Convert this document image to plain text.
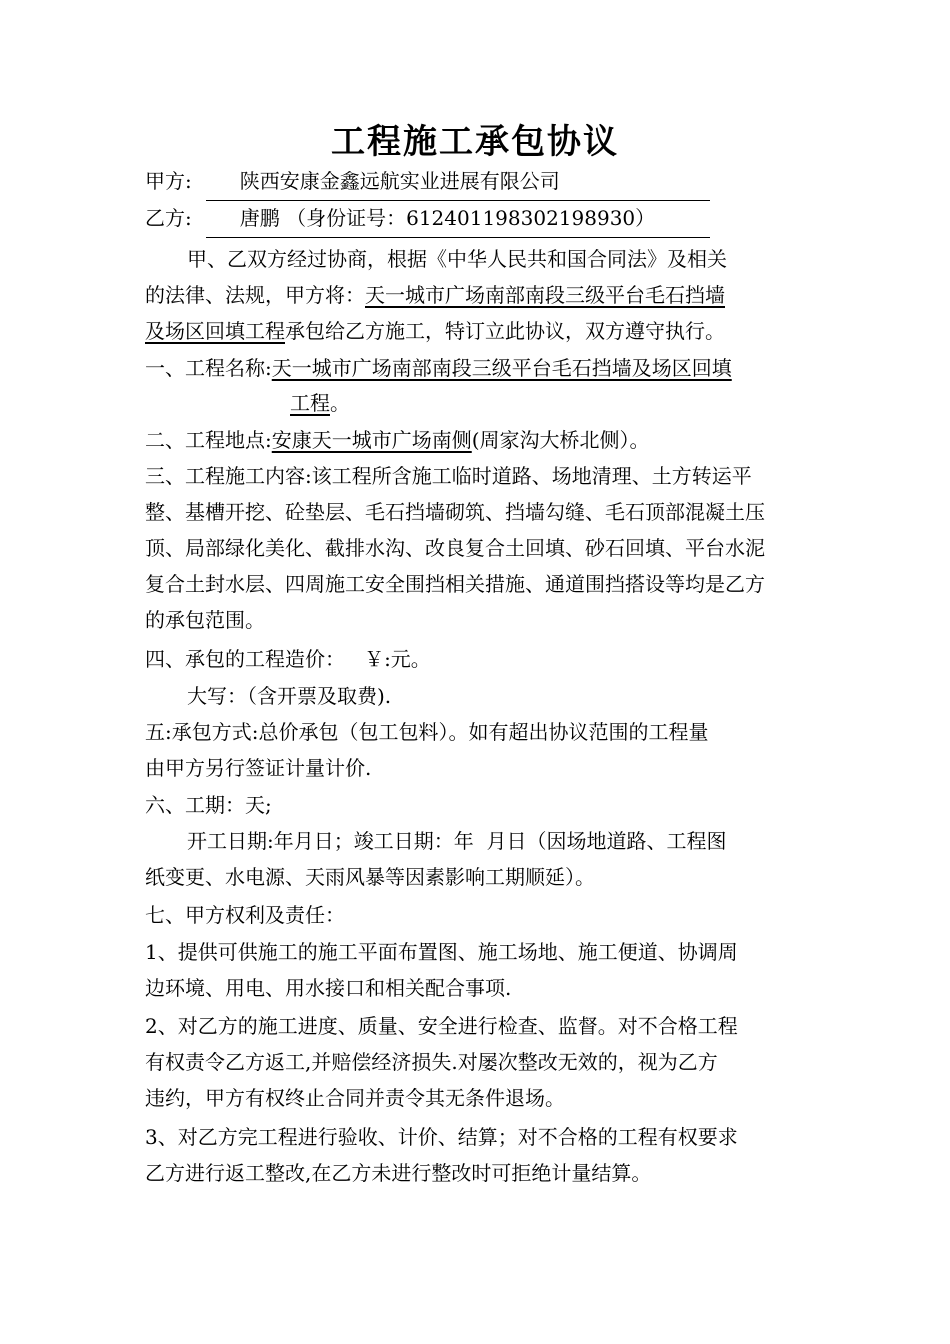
工程施工承包协议
甲方: 陕西安康金鑫远航实业进展有限公司
乙方: 唐鹏 （身份证号：612401198302198930）
甲、乙双方经过协商，根据《中华人民共和国合同法》及相关
的法律、法规，甲方将：天一城市广场南部南段三级平台毛石挡墙
及场区回填工程承包给乙方施工，特订立此协议，双方遵守执行。
一、工程名称:天一城市广场南部南段三级平台毛石挡墙及场区回填
工程。
二、工程地点:安康天一城市广场南侧(周家沟大桥北侧）。
三、工程施工内容:该工程所含施工临时道路、场地清理、土方转运平
整、基槽开挖、砼垫层、毛石挡墙砌筑、挡墙勾缝、毛石顶部混凝土压
顶、局部绿化美化、截排水沟、改良复合土回填、砂石回填、平台水泥
复合土封水层、四周施工安全围挡相关措施、通道围挡搭设等均是乙方
的承包范围。
四、承包的工程造价：   ￥:元。
大写：（含开票及取费).
五:承包方式:总价承包（包工包料）。如有超出协议范围的工程量
由甲方另行签证计量计价.
六、工期：天;
开工日期:年月日；竣工日期：年  月日（因场地道路、工程图
纸变更、水电源、天雨风暴等因素影响工期顺延）。
七、甲方权利及责任：
1、提供可供施工的施工平面布置图、施工场地、施工便道、协调周
边环境、用电、用水接口和相关配合事项.
2、对乙方的施工进度、质量、安全进行检查、监督。对不合格工程
有权责令乙方返工,并赔偿经济损失.对屡次整改无效的，视为乙方
违约，甲方有权终止合同并责令其无条件退场。
3、对乙方完工程进行验收、计价、结算；对不合格的工程有权要求
乙方进行返工整改,在乙方未进行整改时可拒绝计量结算。
